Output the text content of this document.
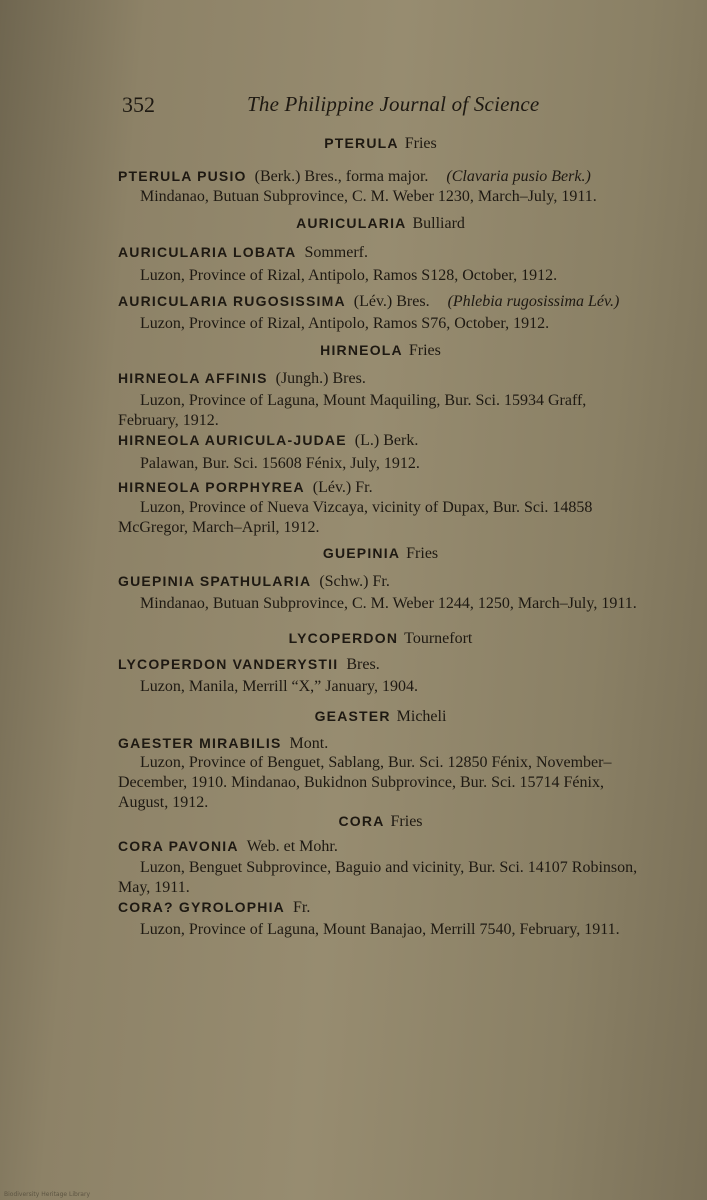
352	The Philippine Journal of Science
PTERULA Fries
PTERULA PUSIO (Berk.) Bres., forma major. (Clavaria pusio Berk.)
Mindanao, Butuan Subprovince, C. M. Weber 1230, March–July, 1911.
AURICULARIA Bulliard
AURICULARIA LOBATA Sommerf.
Luzon, Province of Rizal, Antipolo, Ramos S128, October, 1912.
AURICULARIA RUGOSISSIMA (Lév.) Bres. (Phlebia rugosissima Lév.)
Luzon, Province of Rizal, Antipolo, Ramos S76, October, 1912.
HIRNEOLA Fries
HIRNEOLA AFFINIS (Jungh.) Bres.
Luzon, Province of Laguna, Mount Maquiling, Bur. Sci. 15934 Graff, February, 1912.
HIRNEOLA AURICULA-JUDAE (L.) Berk.
Palawan, Bur. Sci. 15608 Fénix, July, 1912.
HIRNEOLA PORPHYREA (Lév.) Fr.
Luzon, Province of Nueva Vizcaya, vicinity of Dupax, Bur. Sci. 14858 McGregor, March–April, 1912.
GUEPINIA Fries
GUEPINIA SPATHULARIA (Schw.) Fr.
Mindanao, Butuan Subprovince, C. M. Weber 1244, 1250, March–July, 1911.
LYCOPERDON Tournefort
LYCOPERDON VANDERYSTII Bres.
Luzon, Manila, Merrill “X,” January, 1904.
GEASTER Micheli
GAESTER MIRABILIS Mont.
Luzon, Province of Benguet, Sablang, Bur. Sci. 12850 Fénix, November–December, 1910. Mindanao, Bukidnon Subprovince, Bur. Sci. 15714 Fénix, August, 1912.
CORA Fries
CORA PAVONIA Web. et Mohr.
Luzon, Benguet Subprovince, Baguio and vicinity, Bur. Sci. 14107 Robinson, May, 1911.
CORA? GYROLOPHIA Fr.
Luzon, Province of Laguna, Mount Banajao, Merrill 7540, February, 1911.
Biodiversity Heritage Library
